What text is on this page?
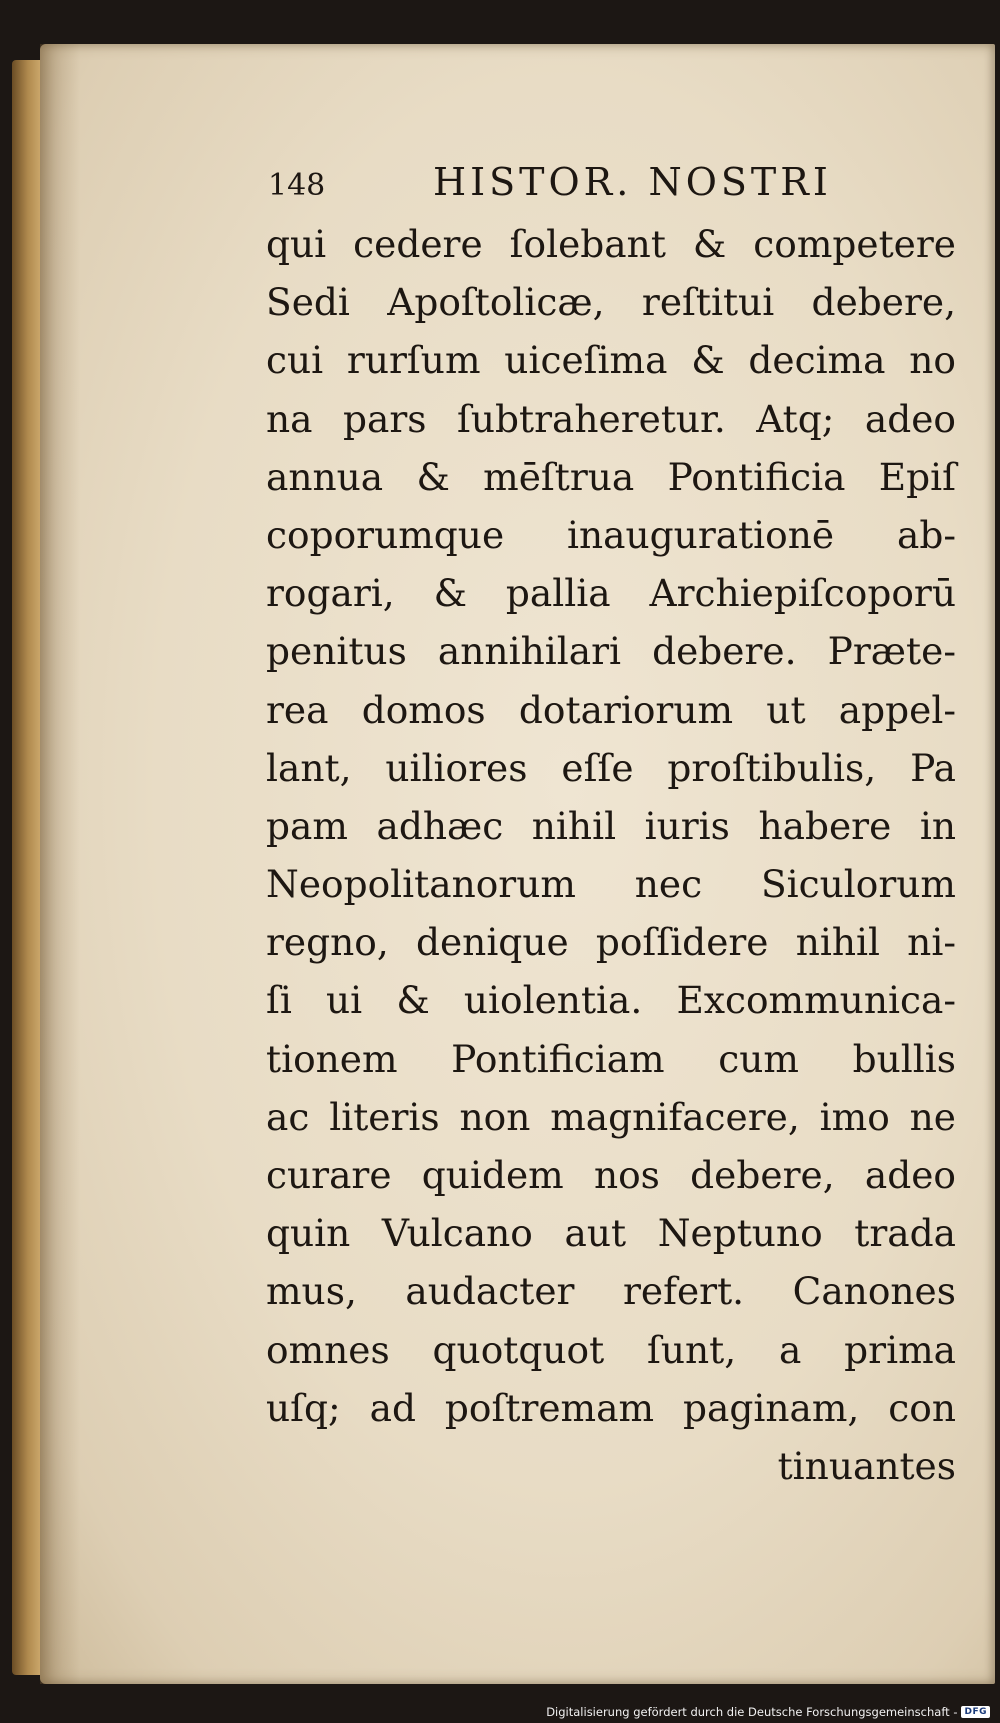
148	HISTOR. NOSTRI
qui cedere ſolebant & competere
Sedi Apoſtolicæ, reſtitui debere,
cui rurſum uiceſima & decima no
na pars ſubtraheretur. Atq; adeo
annua & mēſtrua Pontificia Epiſ
coporumque inaugurationē ab-
rogari, & pallia Archiepiſcoporū
penitus annihilari debere. Præte-
rea domos dotariorum ut appel-
lant, uiliores eſſe proſtibulis, Pa
pam adhæc nihil iuris habere in
Neopolitanorum nec Siculorum
regno, denique poſſidere nihil ni-
ſi ui & uiolentia. Excommunica-
tionem Pontificiam cum bullis
ac literis non magnifacere, imo ne
curare quidem nos debere, adeo
quin Vulcano aut Neptuno trada
mus, audacter refert. Canones
omnes quotquot ſunt, a prima
uſq; ad poſtremam paginam, con
tinuantes
Digitalisierung gefördert durch die Deutsche Forschungsgemeinschaft - DFG
